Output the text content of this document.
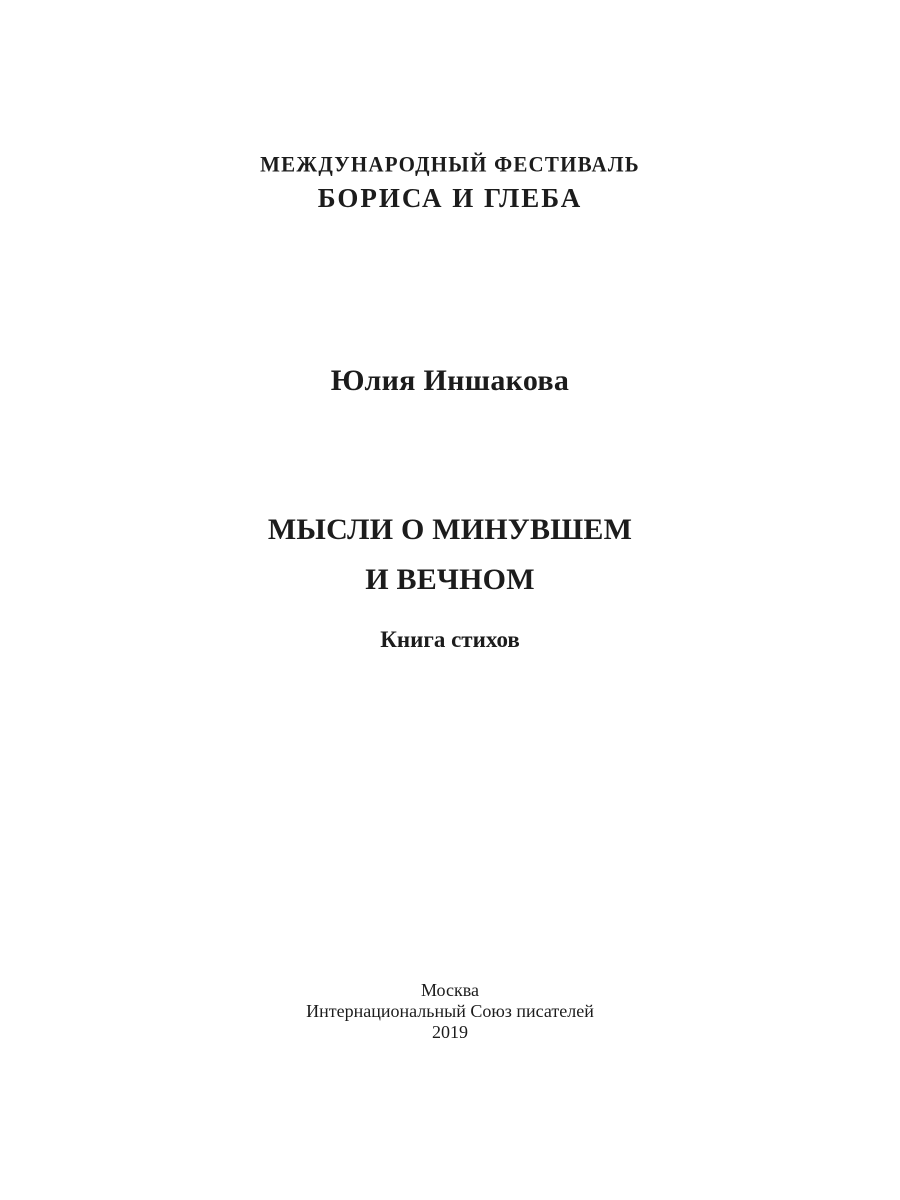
МЕЖДУНАРОДНЫЙ ФЕСТИВАЛЬ

БОРИСА И ГЛЕБА

Юлия Иншакова

МЫСЛИ О МИНУВШЕМ

И ВЕЧНОМ

Книга стихов

Москва

Интернациональный Союз писателей

2019
